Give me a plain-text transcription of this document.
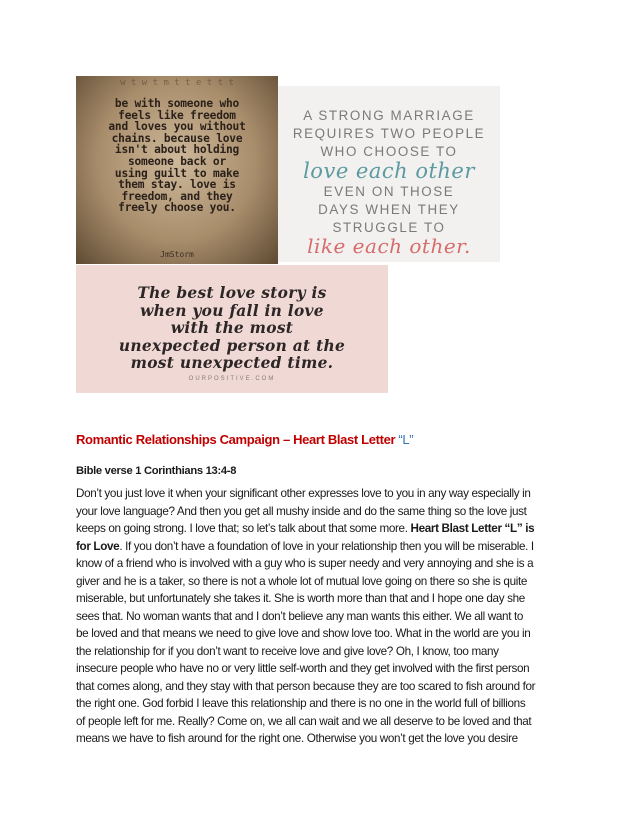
w t w t m t t e t t t
be with someone who
feels like freedom
and loves you without
chains. because love
isn't about holding
someone back or
using guilt to make
them stay. love is
freedom, and they
freely choose you.
JmStorm
A STRONG MARRIAGE
REQUIRES TWO PEOPLE
WHO CHOOSE TO
love each other
EVEN ON THOSE
DAYS WHEN THEY
STRUGGLE TO
like each other.
The best love story is
when you fall in love
with the most
unexpected person at the
most unexpected time.
OURPOSITIVE.COM
Romantic Relationships Campaign – Heart Blast Letter “L”
Bible verse 1 Corinthians 13:4-8
Don’t you just love it when your significant other expresses love to you in any way especially in
your love language? And then you get all mushy inside and do the same thing so the love just
keeps on going strong. I love that; so let’s talk about that some more. Heart Blast Letter “L” is
for Love. If you don’t have a foundation of love in your relationship then you will be miserable. I
know of a friend who is involved with a guy who is super needy and very annoying and she is a
giver and he is a taker, so there is not a whole lot of mutual love going on there so she is quite
miserable, but unfortunately she takes it. She is worth more than that and I hope one day she
sees that. No woman wants that and I don’t believe any man wants this either. We all want to
be loved and that means we need to give love and show love too. What in the world are you in
the relationship for if you don’t want to receive love and give love? Oh, I know, too many
insecure people who have no or very little self-worth and they get involved with the first person
that comes along, and they stay with that person because they are too scared to fish around for
the right one. God forbid I leave this relationship and there is no one in the world full of billions
of people left for me. Really? Come on, we all can wait and we all deserve to be loved and that
means we have to fish around for the right one. Otherwise you won’t get the love you desire
